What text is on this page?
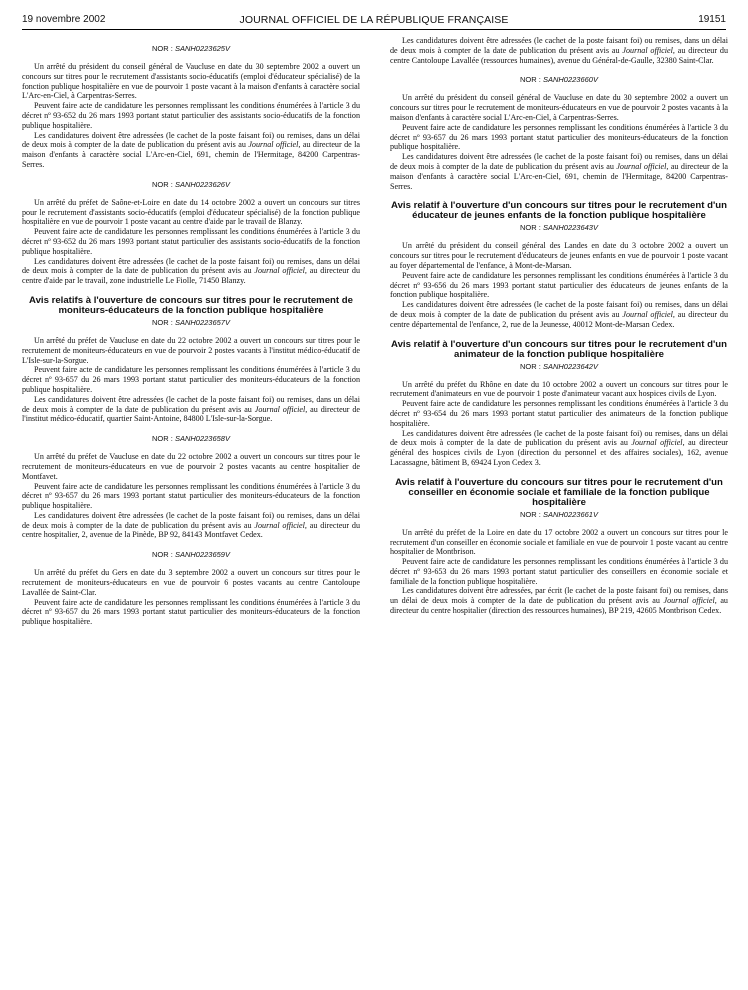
19 novembre 2002	JOURNAL OFFICIEL DE LA RÉPUBLIQUE FRANÇAISE	19151
NOR : SANH0223625V

Un arrêté du président du conseil général de Vaucluse en date du 30 septembre 2002 a ouvert un concours sur titres pour le recrutement d'assistants socio-éducatifs (emploi d'éducateur spécialisé) de la fonction publique hospitalière en vue de pourvoir 1 poste vacant à la maison d'enfants à caractère social L'Arc-en-Ciel, à Carpentras-Serres.

Peuvent faire acte de candidature les personnes remplissant les conditions énumérées à l'article 3 du décret nº 93-652 du 26 mars 1993 portant statut particulier des assistants socio-éducatifs de la fonction publique hospitalière.

Les candidatures doivent être adressées (le cachet de la poste faisant foi) ou remises, dans un délai de deux mois à compter de la date de publication du présent avis au Journal officiel, au directeur de la maison d'enfants à caractère social L'Arc-en-Ciel, 691, chemin de l'Hermitage, 84200 Carpentras-Serres.

NOR : SANH0223626V

Un arrêté du préfet de Saône-et-Loire en date du 14 octobre 2002 a ouvert un concours sur titres pour le recrutement d'assistants socio-éducatifs (emploi d'éducateur spécialisé) de la fonction publique hospitalière en vue de pourvoir 1 poste vacant au centre d'aide par le travail de Blanzy.

Peuvent faire acte de candidature les personnes remplissant les conditions énumérées à l'article 3 du décret nº 93-652 du 26 mars 1993 portant statut particulier des assistants socio-éducatifs de la fonction publique hospitalière.

Les candidatures doivent être adressées (le cachet de la poste faisant foi) ou remises, dans un délai de deux mois à compter de la date de publication du présent avis au Journal officiel, au directeur du centre d'aide par le travail, zone industrielle Le Fiolle, 71450 Blanzy.

Avis relatifs à l'ouverture de concours sur titres pour le recrutement de moniteurs-éducateurs de la fonction publique hospitalière
NOR : SANH0223657V

Un arrêté du préfet de Vaucluse en date du 22 octobre 2002 a ouvert un concours sur titres pour le recrutement de moniteurs-éducateurs en vue de pourvoir 2 postes vacants à l'institut médico-éducatif de L'Isle-sur-la-Sorgue.

Peuvent faire acte de candidature les personnes remplissant les conditions énumérées à l'article 3 du décret nº 93-657 du 26 mars 1993 portant statut particulier des moniteurs-éducateurs de la fonction publique hospitalière.

Les candidatures doivent être adressées (le cachet de la poste faisant foi) ou remises, dans un délai de deux mois à compter de la date de publication du présent avis au Journal officiel, au directeur de l'institut médico-éducatif, quartier Saint-Antoine, 84800 L'Isle-sur-la-Sorgue.

NOR : SANH0223658V

Un arrêté du préfet de Vaucluse en date du 22 octobre 2002 a ouvert un concours sur titres pour le recrutement de moniteurs-éducateurs en vue de pourvoir 2 postes vacants au centre hospitalier de Montfavet.

Peuvent faire acte de candidature les personnes remplissant les conditions énumérées à l'article 3 du décret nº 93-657 du 26 mars 1993 portant statut particulier des moniteurs-éducateurs de la fonction publique hospitalière.

Les candidatures doivent être adressées (le cachet de la poste faisant foi) ou remises, dans un délai de deux mois à compter de la date de publication du présent avis au Journal officiel, au directeur du centre hospitalier, 2, avenue de la Pinède, BP 92, 84143 Montfavet Cedex.

NOR : SANH0223659V

Un arrêté du préfet du Gers en date du 3 septembre 2002 a ouvert un concours sur titres pour le recrutement de moniteurs-éducateurs en vue de pourvoir 6 postes vacants au centre Cantoloupe Lavallée de Saint-Clar.

Peuvent faire acte de candidature les personnes remplissant les conditions énumérées à l'article 3 du décret nº 93-657 du 26 mars 1993 portant statut particulier des moniteurs-éducateurs de la fonction publique hospitalière.

Les candidatures doivent être adressées (le cachet de la poste faisant foi) ou remises, dans un délai de deux mois à compter de la date de publication du présent avis au Journal officiel, au directeur du centre Cantoloupe Lavallée (ressources humaines), avenue du Général-de-Gaulle, 32380 Saint-Clar.

NOR : SANH0223660V

Un arrêté du président du conseil général de Vaucluse en date du 30 septembre 2002 a ouvert un concours sur titres pour le recrutement de moniteurs-éducateurs en vue de pourvoir 2 postes vacants à la maison d'enfants à caractère social L'Arc-en-Ciel, à Carpentras-Serres.

Peuvent faire acte de candidature les personnes remplissant les conditions énumérées à l'article 3 du décret nº 93-657 du 26 mars 1993 portant statut particulier des moniteurs-éducateurs de la fonction publique hospitalière.

Les candidatures doivent être adressées (le cachet de la poste faisant foi) ou remises, dans un délai de deux mois à compter de la date de publication du présent avis au Journal officiel, au directeur de la maison d'enfants à caractère social L'Arc-en-Ciel, 691, chemin de l'Hermitage, 84200 Carpentras-Serres.

Avis relatif à l'ouverture d'un concours sur titres pour le recrutement d'un éducateur de jeunes enfants de la fonction publique hospitalière
NOR : SANH0223643V

Un arrêté du président du conseil général des Landes en date du 3 octobre 2002 a ouvert un concours sur titres pour le recrutement d'éducateurs de jeunes enfants en vue de pourvoir 1 poste vacant au foyer départemental de l'enfance, à Mont-de-Marsan.

Peuvent faire acte de candidature les personnes remplissant les conditions énumérées à l'article 3 du décret nº 93-656 du 26 mars 1993 portant statut particulier des éducateurs de jeunes enfants de la fonction publique hospitalière.

Les candidatures doivent être adressées (le cachet de la poste faisant foi) ou remises, dans un délai de deux mois à compter de la date de publication du présent avis au Journal officiel, au directeur du centre départemental de l'enfance, 2, rue de la Jeunesse, 40012 Mont-de-Marsan Cedex.

Avis relatif à l'ouverture d'un concours sur titres pour le recrutement d'un animateur de la fonction publique hospitalière
NOR : SANH0223642V

Un arrêté du préfet du Rhône en date du 10 octobre 2002 a ouvert un concours sur titres pour le recrutement d'animateurs en vue de pourvoir 1 poste d'animateur vacant aux hospices civils de Lyon.

Peuvent faire acte de candidature les personnes remplissant les conditions énumérées à l'article 3 du décret nº 93-654 du 26 mars 1993 portant statut particulier des animateurs de la fonction publique hospitalière.

Les candidatures doivent être adressées (le cachet de la poste faisant foi) ou remises, dans un délai de deux mois à compter de la date de publication du présent avis au Journal officiel, au directeur général des hospices civils de Lyon (direction du personnel et des affaires sociales), 162, avenue Lacassagne, bâtiment B, 69424 Lyon Cedex 3.

Avis relatif à l'ouverture du concours sur titres pour le recrutement d'un conseiller en économie sociale et familiale de la fonction publique hospitalière
NOR : SANH0223661V

Un arrêté du préfet de la Loire en date du 17 octobre 2002 a ouvert un concours sur titres pour le recrutement d'un conseiller en économie sociale et familiale en vue de pourvoir 1 poste vacant au centre hospitalier de Montbrison.

Peuvent faire acte de candidature les personnes remplissant les conditions énumérées à l'article 3 du décret nº 93-653 du 26 mars 1993 portant statut particulier des conseillers en économie sociale et familiale de la fonction publique hospitalière.

Les candidatures doivent être adressées, par écrit (le cachet de la poste faisant foi) ou remises, dans un délai de deux mois à compter de la date de publication du présent avis au Journal officiel, au directeur du centre hospitalier (direction des ressources humaines), BP 219, 42605 Montbrison Cedex.
